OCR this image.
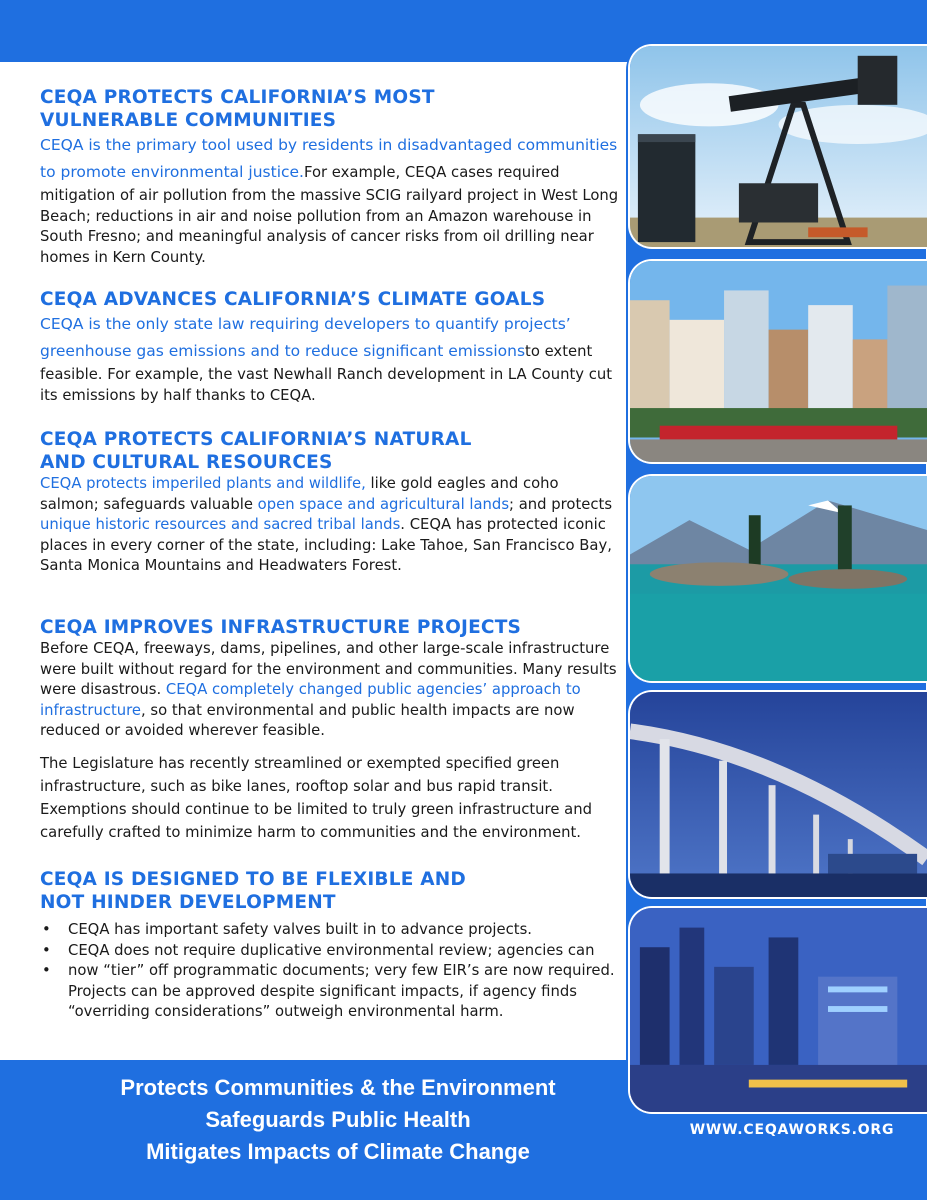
CEQA PROTECTS CALIFORNIA’S MOST
VULNERABLE COMMUNITIES

CEQA is the primary tool used by residents in disadvantaged communities to promote environmental justice.For example, CEQA cases required mitigation of air pollution from the massive SCIG railyard project in West Long Beach; reductions in air and noise pollution from an Amazon warehouse in South Fresno; and meaningful analysis of cancer risks from oil drilling near homes in Kern County.

CEQA ADVANCES CALIFORNIA’S CLIMATE GOALS

CEQA is the only state law requiring developers to quantify projects’ greenhouse gas emissions and to reduce significant emissionsto extent feasible. For example, the vast Newhall Ranch development in LA County cut its emissions by half thanks to CEQA.

CEQA PROTECTS CALIFORNIA’S NATURAL
AND CULTURAL RESOURCES

CEQA protects imperiled plants and wildlife, like gold eagles and coho salmon; safeguards valuable open space and agricultural lands; and protects unique historic resources and sacred tribal lands. CEQA has protected iconic places in every corner of the state, including: Lake Tahoe, San Francisco Bay, Santa Monica Mountains and Headwaters Forest.

CEQA IMPROVES INFRASTRUCTURE PROJECTS

Before CEQA, freeways, dams, pipelines, and other large-scale infrastructure were built without regard for the environment and communities. Many results were disastrous. CEQA completely changed public agencies’ approach to infrastructure, so that environmental and public health impacts are now reduced or avoided wherever feasible.

The Legislature has recently streamlined or exempted specified green infrastructure, such as bike lanes, rooftop solar and bus rapid transit. Exemptions should continue to be limited to truly green infrastructure and carefully crafted to minimize harm to communities and the environment.

CEQA IS DESIGNED TO BE FLEXIBLE AND
NOT HINDER DEVELOPMENT
• CEQA has important safety valves built in to advance projects.
• CEQA does not require duplicative environmental review; agencies can
• now “tier” off programmatic documents; very few EIR’s are now required. Projects can be approved despite significant impacts, if agency finds “overriding considerations” outweigh environmental harm.
Protects Communities & the Environment
Safeguards Public Health
Mitigates Impacts of Climate Change
WWW.CEQAWORKS.ORG
